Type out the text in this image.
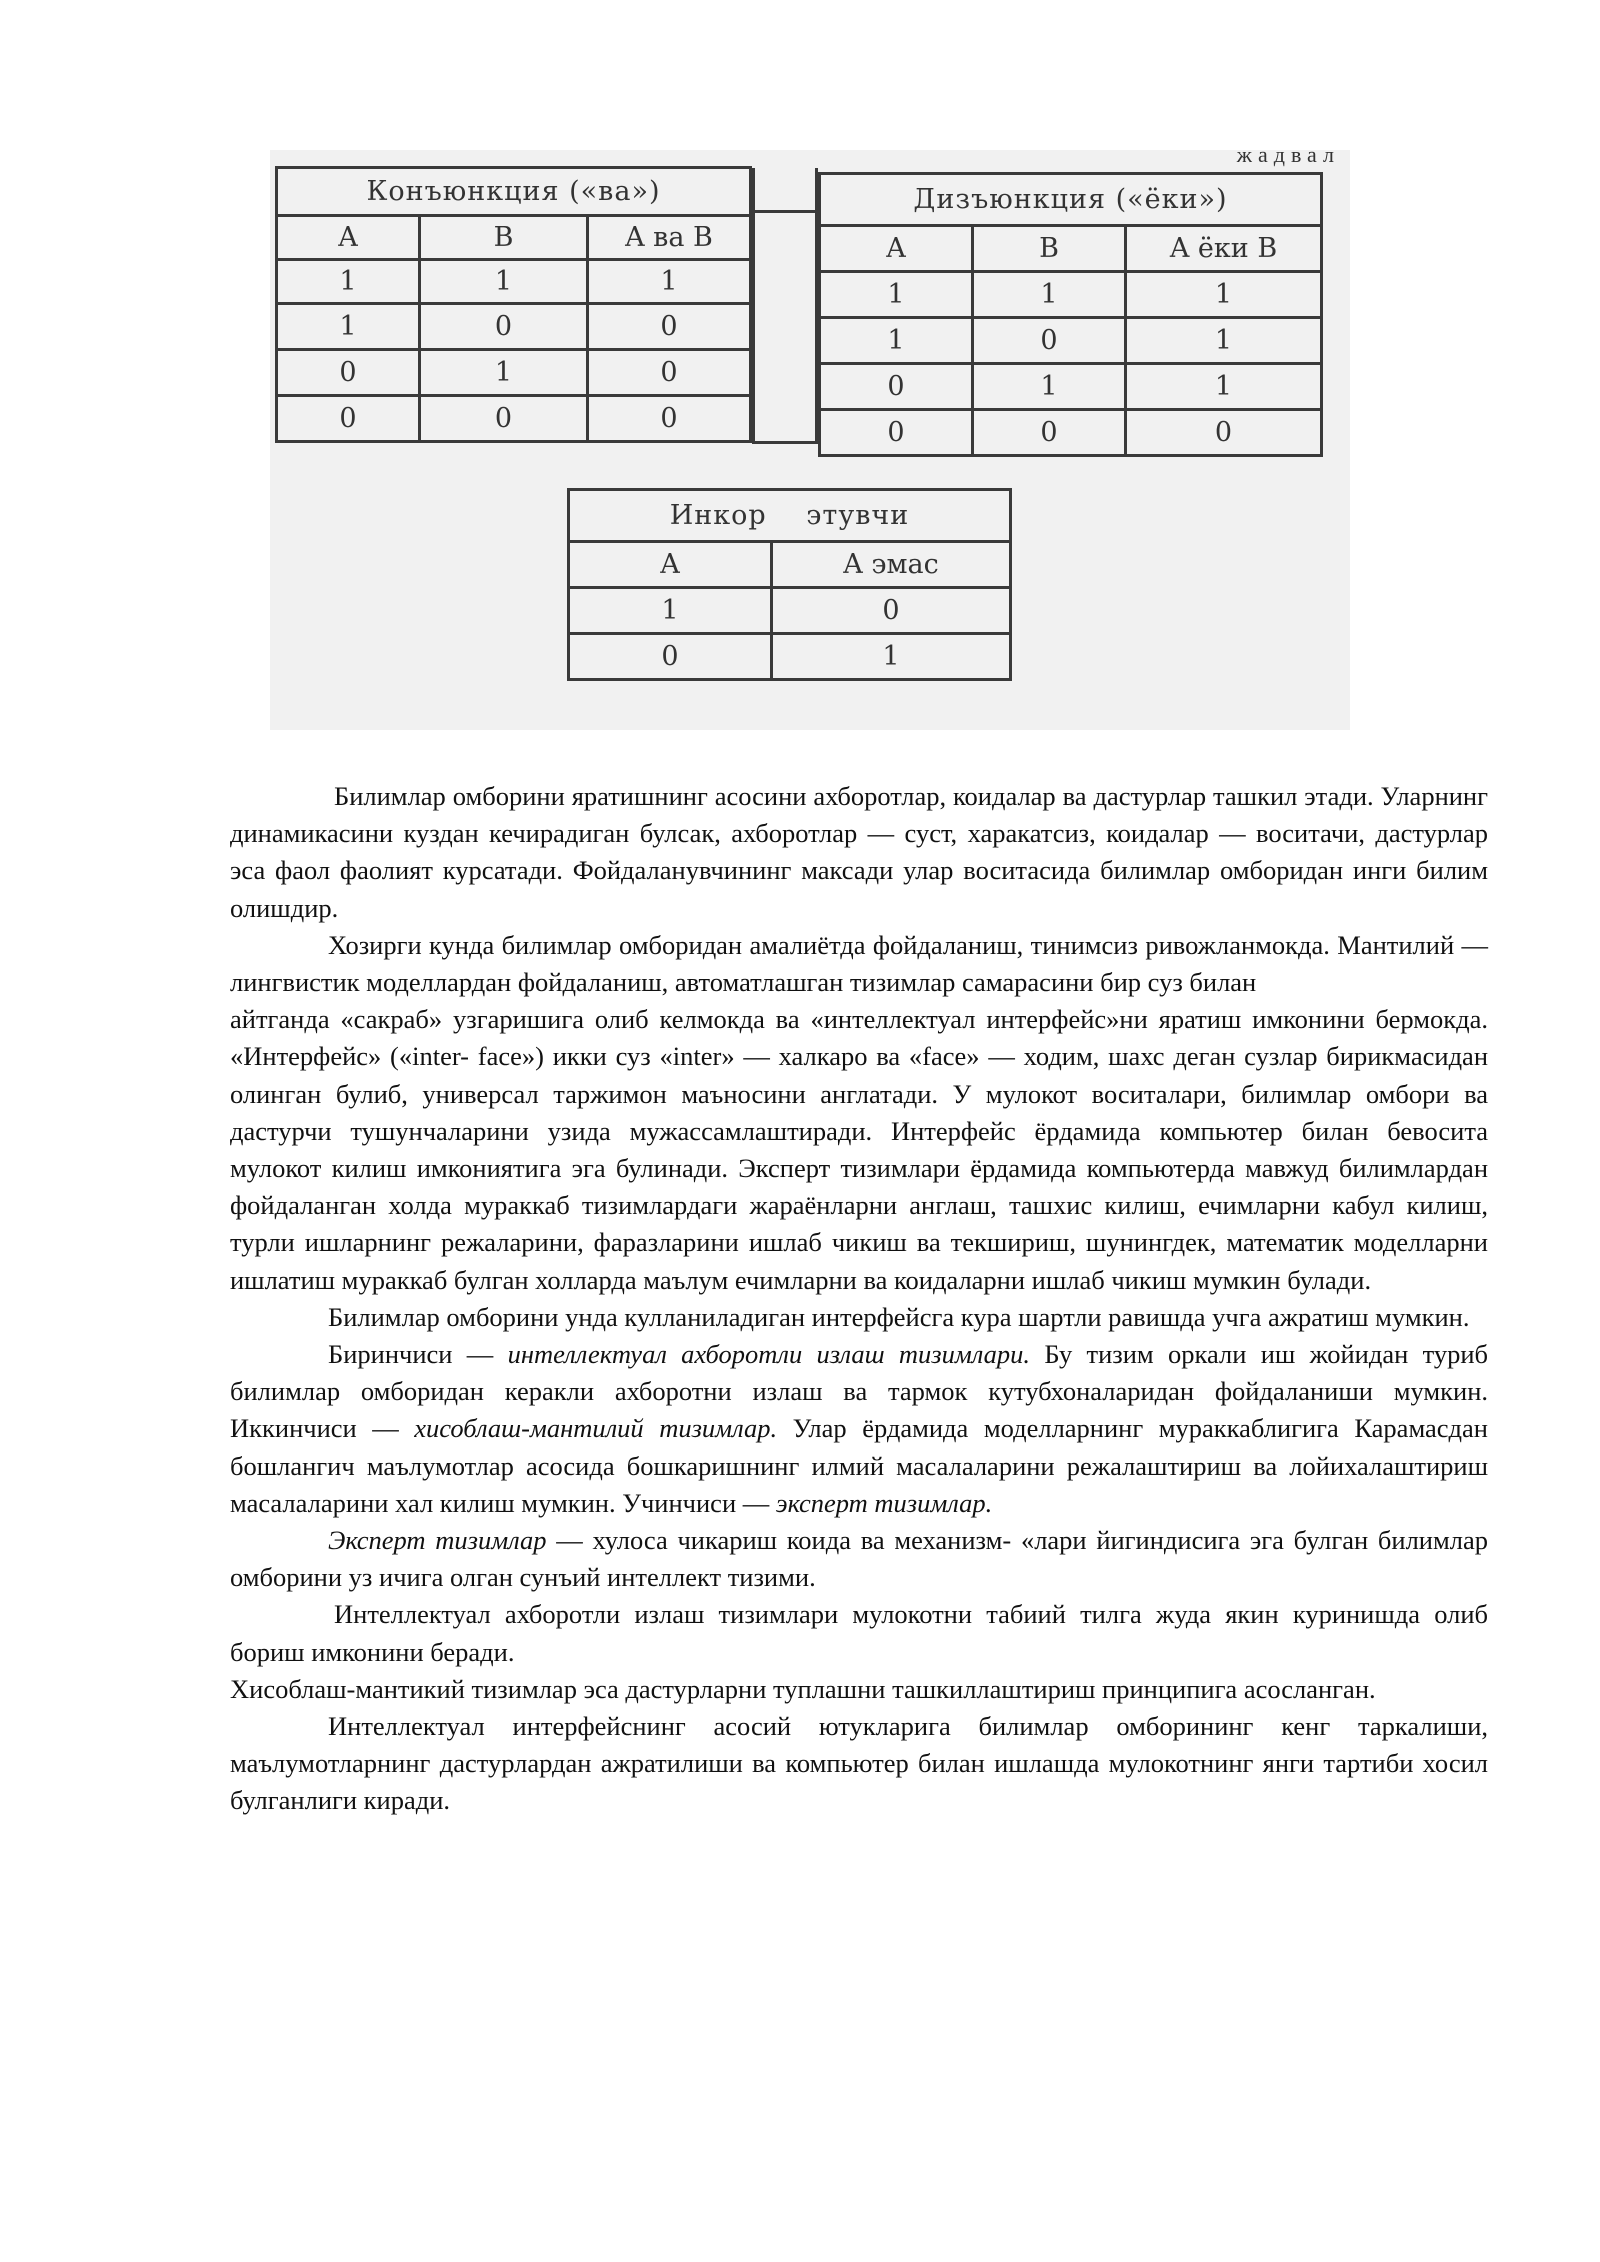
жадвал
Конъюнкция («ва»)		
A	B	A ва B
1	1	1
1	0	0
0	1	0
0	0	0
Дизъюнкция («ёки»)		
A	B	A ёки B
1	1	1
1	0	1
0	1	1
0	0	0
Инкор этувчи	
A	A эмас
1	0
0	1

Билимлар омборини яратишнинг асосини ахборотлар, коидалар ва дастурлар ташкил этади. Уларнинг динамикасини куздан кечирадиган булсак, ахборотлар — суст, харакатсиз, коидалар — воситачи, дастурлар эса фаол фаолият курсатади. Фойдаланувчининг максади улар воситасида билимлар омборидан инги билим олишдир.

Хозирги кунда билимлар омборидан амалиётда фойдаланиш, тинимсиз ривожланмокда. Мантилий — лингвистик моделлардан фойдаланиш, автоматлашган тизимлар самарасини бир суз билан

айтганда «сакраб» узгаришига олиб келмокда ва «интеллектуал интерфейс»ни яратиш имконини бермокда. «Интерфейс» («inter- face») икки суз «inter» — халкаро ва «face» — ходим, шахс деган сузлар бирикмасидан олинган булиб, универсал таржимон маъносини англатади. У мулокот воситалари, билимлар омбори ва дастурчи тушунчаларини узида мужассамлаштиради. Интерфейс ёрдамида компьютер билан бевосита мулокот килиш имкониятига эга булинади. Эксперт тизимлари ёрдамида компьютерда мавжуд билимлардан фойдаланган холда мураккаб тизимлардаги жараёнларни англаш, ташхис килиш, ечимларни кабул килиш, турли ишларнинг режаларини, фаразларини ишлаб чикиш ва текшириш, шунингдек, математик моделларни ишлатиш мураккаб булган холларда маълум ечимларни ва коидаларни ишлаб чикиш мумкин булади.

Билимлар омборини унда кулланиладиган интерфейсга кура шартли равишда учга ажратиш мумкин.

Биринчиси — интеллектуал ахборотли излаш тизимлари. Бу тизим оркали иш жойидан туриб билимлар омборидан керакли ахборотни излаш ва тармок кутубхоналаридан фойдаланиши мумкин. Иккинчиси — хисоблаш-мантилий тизимлар. Улар ёрдамида моделларнинг мураккаблигига Карамасдан бошлангич маълумотлар асосида бошкаришнинг илмий масалаларини режалаштириш ва лойихалаштириш масалаларини хал килиш мумкин. Учинчиси — эксперт тизимлар.

Эксперт тизимлар — хулоса чикариш коида ва механизм- «лари йигиндисига эга булган билимлар омборини уз ичига олган сунъий интеллект тизими.

Интеллектуал ахборотли излаш тизимлари мулокотни табиий тилга жуда якин куринишда олиб бориш имконини беради.

Хисоблаш-мантикий тизимлар эса дастурларни туплашни ташкиллаштириш принципига асосланган.

Интеллектуал интерфейснинг асосий ютукларига билимлар омборининг кенг таркалиши, маълумотларнинг дастурлардан ажратилиши ва компьютер билан ишлашда мулокотнинг янги тартиби хосил булганлиги киради.
